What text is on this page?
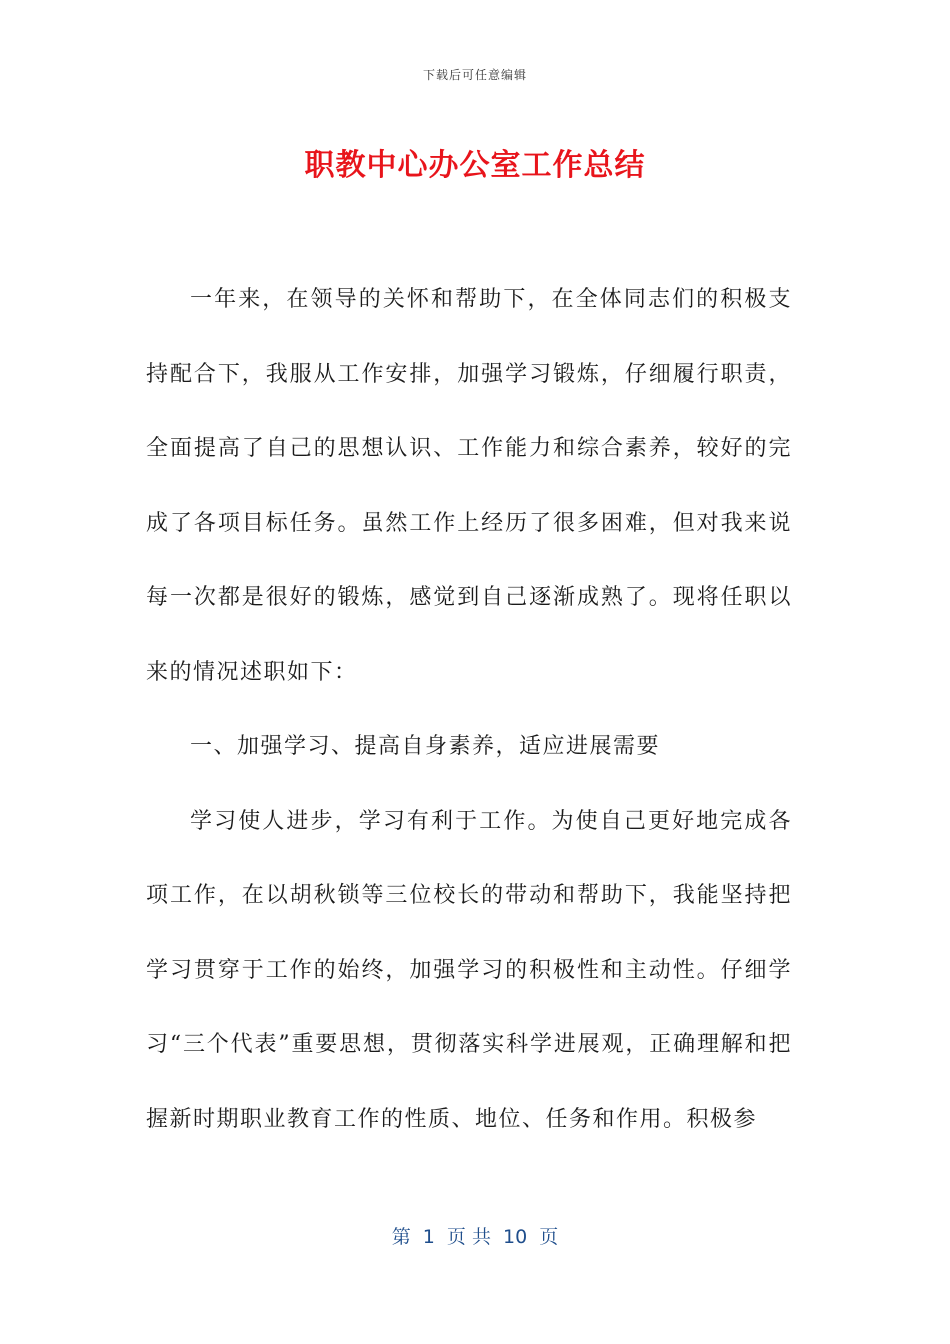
下载后可任意编辑
职教中心办公室工作总结

一年来，在领导的关怀和帮助下，在全体同志们的积极支持配合下，我服从工作安排，加强学习锻炼，仔细履行职责，全面提高了自己的思想认识、工作能力和综合素养，较好的完成了各项目标任务。虽然工作上经历了很多困难，但对我来说每一次都是很好的锻炼，感觉到自己逐渐成熟了。现将任职以来的情况述职如下：

一、加强学习、提高自身素养，适应进展需要

学习使人进步，学习有利于工作。为使自己更好地完成各项工作，在以胡秋锁等三位校长的带动和帮助下，我能坚持把学习贯穿于工作的始终，加强学习的积极性和主动性。仔细学习“三个代表”重要思想，贯彻落实科学进展观，正确理解和把握新时期职业教育工作的性质、地位、任务和作用。积极参

第  1  页 共  10  页
